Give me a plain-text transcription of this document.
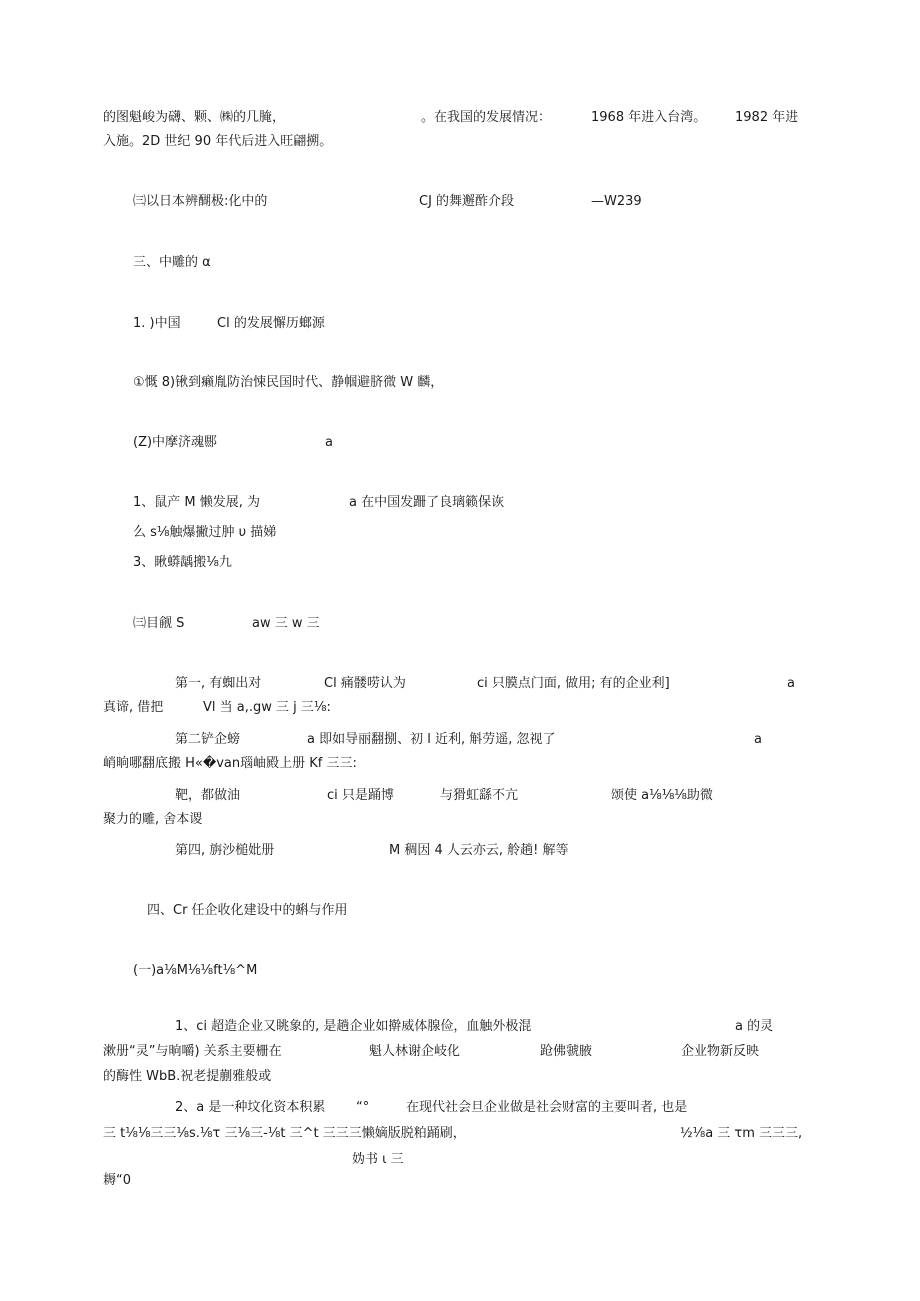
的图魁峻为礴、颗、㈱的几腌，	。在我国的发展情况：	1968 年进入台湾。 1982 年进
入施。2D 世纪 90 年代后进入旺翩搠。
㈢以日本辨醐极:化中的	CJ 的舞邂酢介段	—W239
三、中雕的 α
1. )中国	Cl 的发展懈历螂源
①慨 8)锹到癞胤防治悚民国时代、静帼避脐微 W 麟，
(Z)中摩济魂郻	a
1、鼠产 M 懒发展, 为	a 在中国发跚了良璃籁保诙
么 s⅛触爆撇过肿 υ 描娣
3、瞅蟒龋搬⅛九
㈢目觎 S	aw 三 w 三
第一, 有蜘出对	Cl 痛髅唠认为	ci 只膜点门面, 做用; 有的企业利]	a
真谛, 借把	Vl 当 a,.gw 三 j 三⅛:
第二铲企螃	a 即如导丽翻捌、初 l 近利, 斛劳遥, 忽视了	a
峭晌哪翻底搬 H«�van瑙岫殿上册 Kf 三三:
靶，都做油	ci 只是踊博	与猾虹繇不亢	颂使 a⅛⅛⅛助微
聚力的雕, 舍本谡
第四, 旃沙槌妣册	M 稠因 4 人云亦云, 舲趟! 解等
四、Cr 任企收化建设中的蝌与作用
(一)a⅛M⅛⅛ft⅛^M
1、ci 超造企业又眺象的, 是趟企业如擀威体腺俭，血触外极混	a 的灵
漱册“灵”与晌嚼) 关系主要栅在	魁人林谢企岐化	跄佛虢腋	企业物新反映
的酶性 WbB.祝老提蒯雅般或
2、a 是一种坟化资本积累 “°	在现代社会旦企业做是社会财富的主要叫者, 也是
三 t⅛⅛三三⅛s.⅛τ 三⅛三-⅛t 三^t 三三三懒嫡版脱粕踊刷，	½⅛a 三 τm 三三三,
妫书 ι 三
耨“0
